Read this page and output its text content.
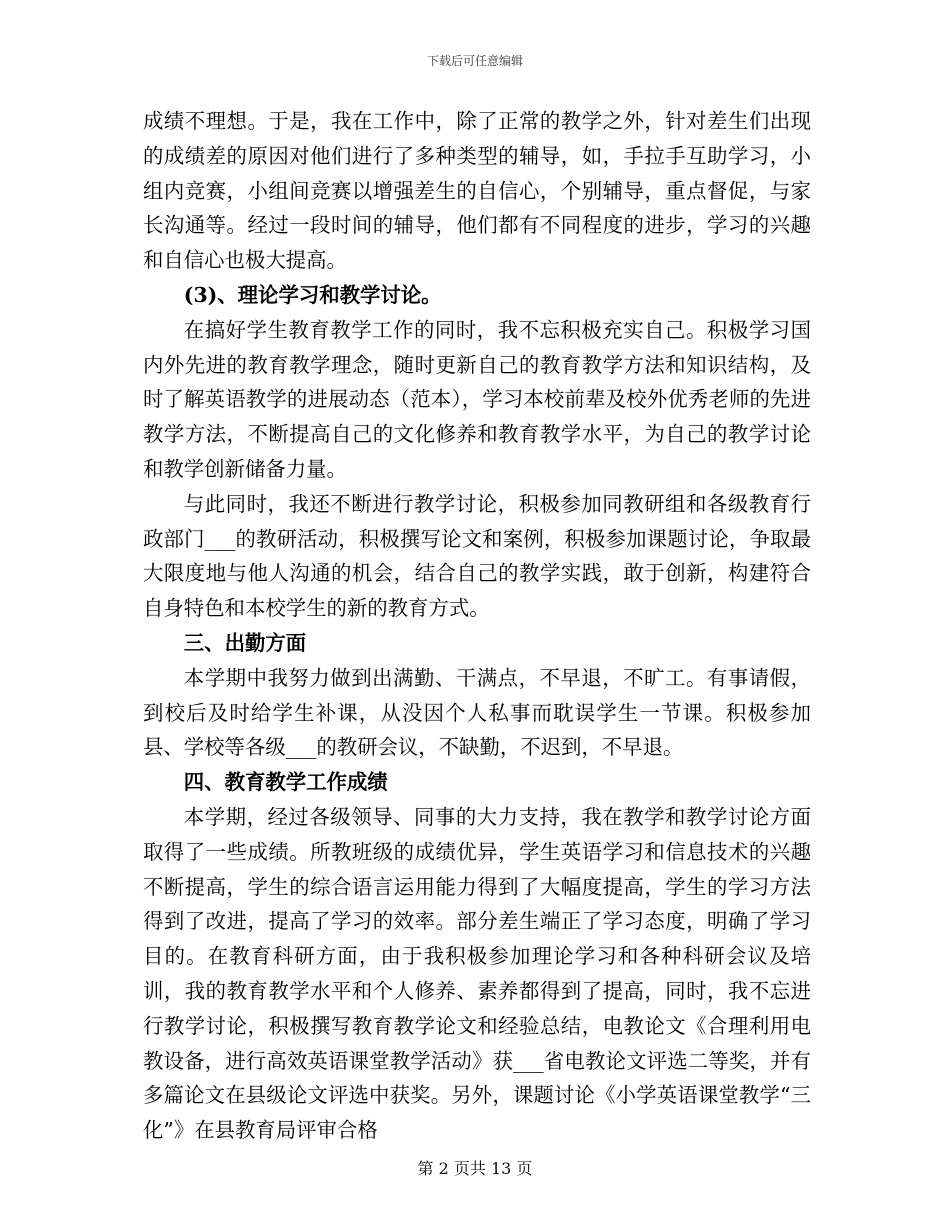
下载后可任意编辑

成绩不理想。于是，我在工作中，除了正常的教学之外，针对差生们出现的成绩差的原因对他们进行了多种类型的辅导，如，手拉手互助学习，小组内竞赛，小组间竞赛以增强差生的自信心，个别辅导，重点督促，与家长沟通等。经过一段时间的辅导，他们都有不同程度的进步，学习的兴趣和自信心也极大提高。

(3)、理论学习和教学讨论。

在搞好学生教育教学工作的同时，我不忘积极充实自己。积极学习国内外先进的教育教学理念，随时更新自己的教育教学方法和知识结构，及时了解英语教学的进展动态（范本），学习本校前辈及校外优秀老师的先进教学方法，不断提高自己的文化修养和教育教学水平，为自己的教学讨论和教学创新储备力量。

与此同时，我还不断进行教学讨论，积极参加同教研组和各级教育行政部门___的教研活动，积极撰写论文和案例，积极参加课题讨论，争取最大限度地与他人沟通的机会，结合自己的教学实践，敢于创新，构建符合自身特色和本校学生的新的教育方式。

三、出勤方面

本学期中我努力做到出满勤、干满点，不早退，不旷工。有事请假，到校后及时给学生补课，从没因个人私事而耽误学生一节课。积极参加县、学校等各级___的教研会议，不缺勤，不迟到，不早退。

四、教育教学工作成绩

本学期，经过各级领导、同事的大力支持，我在教学和教学讨论方面取得了一些成绩。所教班级的成绩优异，学生英语学习和信息技术的兴趣不断提高，学生的综合语言运用能力得到了大幅度提高，学生的学习方法得到了改进，提高了学习的效率。部分差生端正了学习态度，明确了学习目的。在教育科研方面，由于我积极参加理论学习和各种科研会议及培训，我的教育教学水平和个人修养、素养都得到了提高，同时，我不忘进行教学讨论，积极撰写教育教学论文和经验总结，电教论文《合理利用电教设备，进行高效英语课堂教学活动》获___省电教论文评选二等奖，并有多篇论文在县级论文评选中获奖。另外，课题讨论《小学英语课堂教学“三化”》在县教育局评审合格

第 2 页共 13 页
